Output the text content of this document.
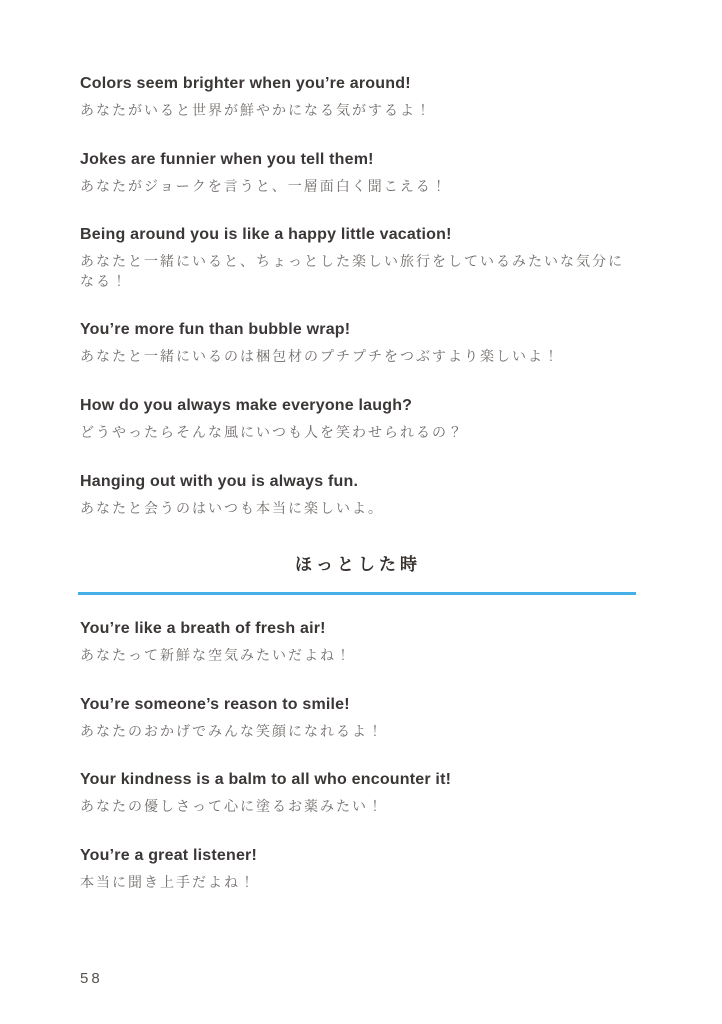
Colors seem brighter when you’re around!

あなたがいると世界が鮮やかになる気がするよ！

Jokes are funnier when you tell them!

あなたがジョークを言うと、一層面白く聞こえる！

Being around you is like a happy little vacation!

あなたと一緒にいると、ちょっとした楽しい旅行をしているみたいな気分になる！

You’re more fun than bubble wrap!

あなたと一緒にいるのは梱包材のプチプチをつぶすより楽しいよ！

How do you always make everyone laugh?

どうやったらそんな風にいつも人を笑わせられるの？

Hanging out with you is always fun.

あなたと会うのはいつも本当に楽しいよ。

ほっとした時
You’re like a breath of fresh air!

あなたって新鮮な空気みたいだよね！

You’re someone’s reason to smile!

あなたのおかげでみんな笑顔になれるよ！

Your kindness is a balm to all who encounter it!

あなたの優しさって心に塗るお薬みたい！

You’re a great listener!

本当に聞き上手だよね！

58
